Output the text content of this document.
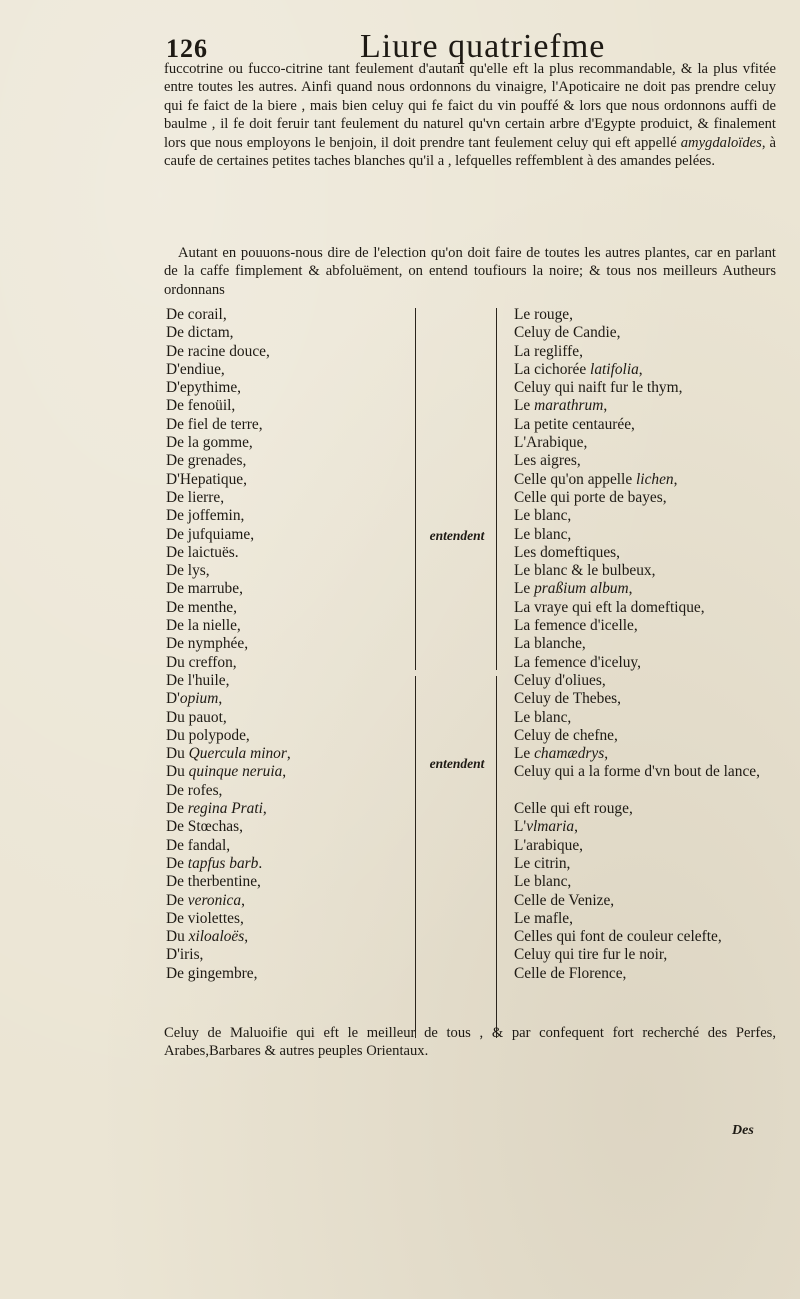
126	Liure quatriefme
fuccotrine ou fucco-citrine tant feulement d'autant qu'elle eft la plus recommandable, & la plus vfitée entre toutes les autres. Ainfi quand nous ordonnons du vinaigre, l'Apoticaire ne doit pas prendre celuy qui fe faict de la biere , mais bien celuy qui fe faict du vin pouffé & lors que nous ordonnons auffi de baulme , il fe doit feruir tant feulement du naturel qu'vn certain arbre d'Egypte produict, & finalement lors que nous employons le benjoin, il doit prendre tant feulement celuy qui eft appellé amygdaloïdes, à caufe de certaines petites taches blanches qu'il a , lefquelles reffemblent à des amandes pelées.
Autant en pouuons-nous dire de l'election qu'on doit faire de toutes les autres plantes, car en parlant de la caffe fimplement & abfoluëment, on entend toufiours la noire; & tous nos meilleurs Autheurs ordonnans
De corail,
De dictam,
De racine douce,
D'endiue,
D'epythime,
De fenoüil,
De fiel de terre,
De la gomme,
De grenades,
D'Hepatique,
De lierre,
De joffemin,
De jufquiame,
De laictuës.
De lys,
De marrube,
De menthe,
De la nielle,
De nymphée,
Du creffon,
De l'huile,
D'opium,
Du pauot,
Du polypode,
Du Quercula minor,
Du quinque neruia,
De rofes,
De regina Prati,
De Stœchas,
De fandal,
De tapfus barb.
De therbentine,
De veronica,
De violettes,
Du xiloaloës,
D'iris,
De gingembre,
entendent
entendent
Le rouge,
Celuy de Candie,
La regliffe,
La cichorée latifolia,
Celuy qui naift fur le thym,
Le marathrum,
La petite centaurée,
L'Arabique,
Les aigres,
Celle qu'on appelle lichen,
Celle qui porte de bayes,
Le blanc,
Le blanc,
Les domeftiques,
Le blanc & le bulbeux,
Le praßium album,
La vraye qui eft la domeftique,
La femence d'icelle,
La blanche,
La femence d'iceluy,
Celuy d'oliues,
Celuy de Thebes,
Le blanc,
Celuy de chefne,
Le chamædrys,
Celuy qui a la forme d'vn bout de lance,
Celle qui eft rouge,
L'vlmaria,
L'arabique,
Le citrin,
Le blanc,
Celle de Venize,
Le mafle,
Celles qui font de couleur celefte,
Celuy qui tire fur le noir,
Celle de Florence,
Celuy de Maluoifie qui eft le meilleur de tous , & par confequent fort recherché des Perfes, Arabes,Barbares & autres peuples Orientaux.
Des
